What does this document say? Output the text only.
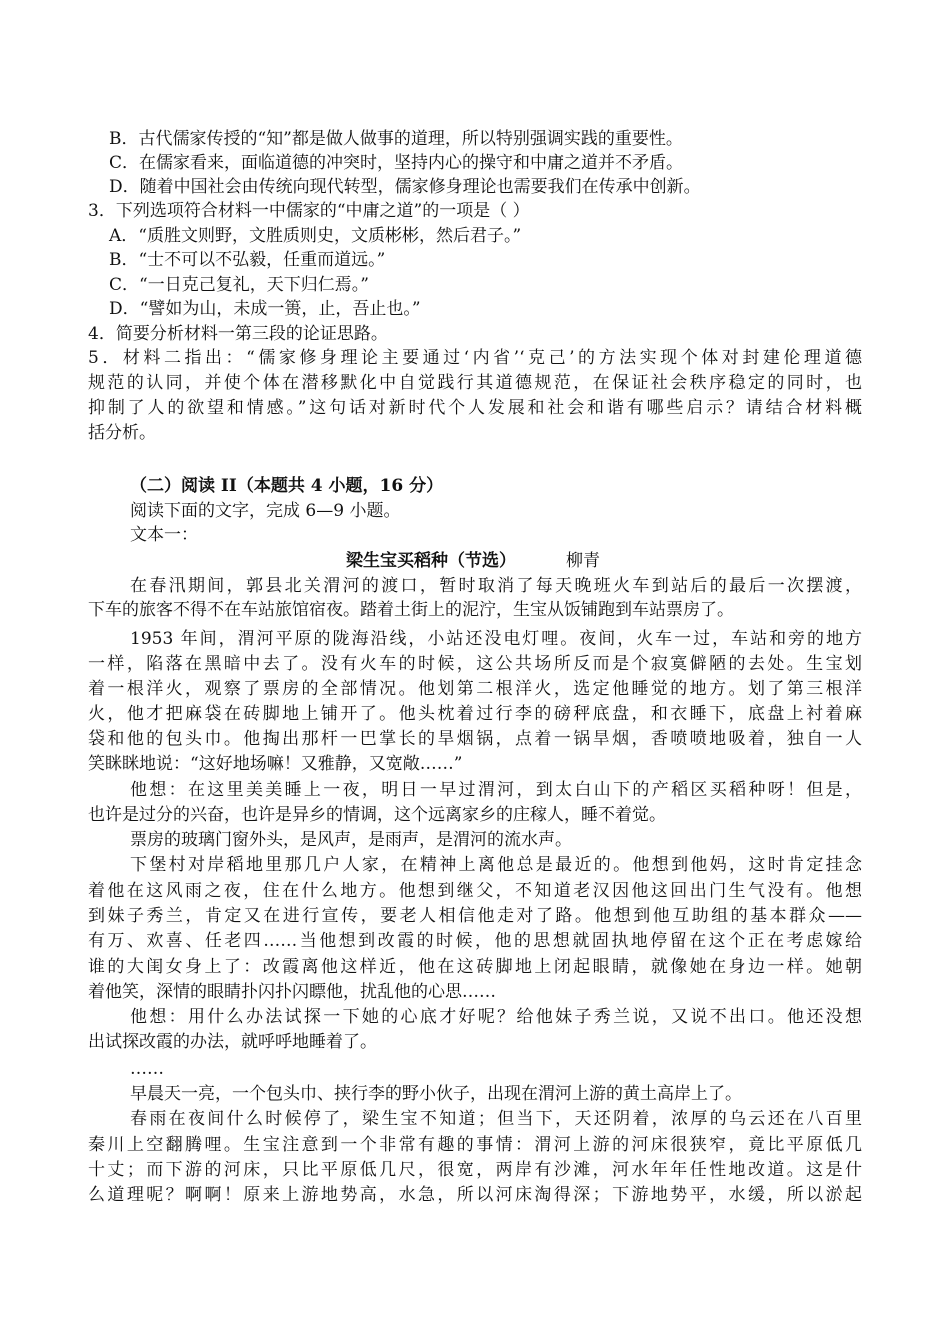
B．古代儒家传授的“知”都是做人做事的道理，所以特别强调实践的重要性。
C．在儒家看来，面临道德的冲突时，坚持内心的操守和中庸之道并不矛盾。
D．随着中国社会由传统向现代转型，儒家修身理论也需要我们在传承中创新。
3．下列选项符合材料一中儒家的“中庸之道”的一项是（ ）
A．“质胜文则野，文胜质则史，文质彬彬，然后君子。”
B．“士不可以不弘毅，任重而道远。”
C．“一日克己复礼，天下归仁焉。”
D．“譬如为山，未成一篑，止，吾止也。”
4．简要分析材料一第三段的论证思路。
5．材料二指出：“儒家修身理论主要通过‘内省’‘克己’的方法实现个体对封建伦理道德
规范的认同，并使个体在潜移默化中自觉践行其道德规范，在保证社会秩序稳定的同时，也
抑制了人的欲望和情感。”这句话对新时代个人发展和社会和谐有哪些启示？请结合材料概
括分析。
（二）阅读 II（本题共 4 小题，16 分）
阅读下面的文字，完成 6—9 小题。
文本一：
梁生宝买稻种（节选）	柳青
在春汛期间，郭县北关渭河的渡口，暂时取消了每天晚班火车到站后的最后一次摆渡，
下车的旅客不得不在车站旅馆宿夜。踏着土街上的泥泞，生宝从饭铺跑到车站票房了。
1953 年间，渭河平原的陇海沿线，小站还没电灯哩。夜间，火车一过，车站和旁的地方
一样，陷落在黑暗中去了。没有火车的时候，这公共场所反而是个寂寞僻陋的去处。生宝划
着一根洋火，观察了票房的全部情况。他划第二根洋火，选定他睡觉的地方。划了第三根洋
火，他才把麻袋在砖脚地上铺开了。他头枕着过行李的磅秤底盘，和衣睡下，底盘上衬着麻
袋和他的包头巾。他掏出那杆一巴掌长的旱烟锅，点着一锅旱烟，香喷喷地吸着，独自一人
笑眯眯地说：“这好地场嘛！又雅静，又宽敞……”
他想：在这里美美睡上一夜，明日一早过渭河，到太白山下的产稻区买稻种呀！但是，
也许是过分的兴奋，也许是异乡的情调，这个远离家乡的庄稼人，睡不着觉。
票房的玻璃门窗外头，是风声，是雨声，是渭河的流水声。
下堡村对岸稻地里那几户人家，在精神上离他总是最近的。他想到他妈，这时肯定挂念
着他在这风雨之夜，住在什么地方。他想到继父，不知道老汉因他这回出门生气没有。他想
到妹子秀兰，肯定又在进行宣传，要老人相信他走对了路。他想到他互助组的基本群众——
有万、欢喜、任老四……当他想到改霞的时候，他的思想就固执地停留在这个正在考虑嫁给
谁的大闺女身上了：改霞离他这样近，他在这砖脚地上闭起眼睛，就像她在身边一样。她朝
着他笑，深情的眼睛扑闪扑闪瞟他，扰乱他的心思……
他想：用什么办法试探一下她的心底才好呢？给他妹子秀兰说，又说不出口。他还没想
出试探改霞的办法，就呼呼地睡着了。
……
早晨天一亮，一个包头巾、挟行李的野小伙子，出现在渭河上游的黄土高岸上了。
春雨在夜间什么时候停了，梁生宝不知道；但当下，天还阴着，浓厚的乌云还在八百里
秦川上空翻腾哩。生宝注意到一个非常有趣的事情：渭河上游的河床很狭窄，竟比平原低几
十丈；而下游的河床，只比平原低几尺，很宽，两岸有沙滩，河水年年任性地改道。这是什
么道理呢？啊啊！原来上游地势高，水急，所以河床淘得深；下游地势平，水缓，所以淤起
